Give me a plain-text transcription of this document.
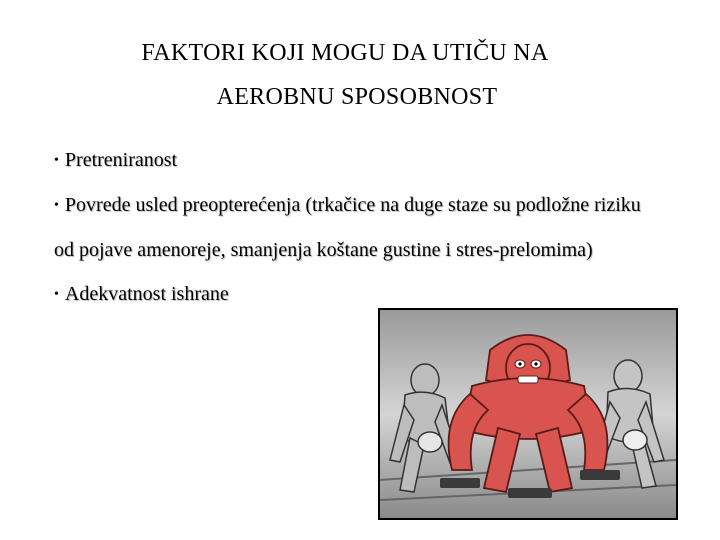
FAKTORI KOJI MOGU DA UTIČU NA
AEROBNU SPOSOBNOST
• Pretreniranost
• Povrede usled preopterećenja (trkačice na duge staze su podložne riziku od pojave amenoreje, smanjenja koštane gustine i stres-prelomima)
• Adekvatnost ishrane
